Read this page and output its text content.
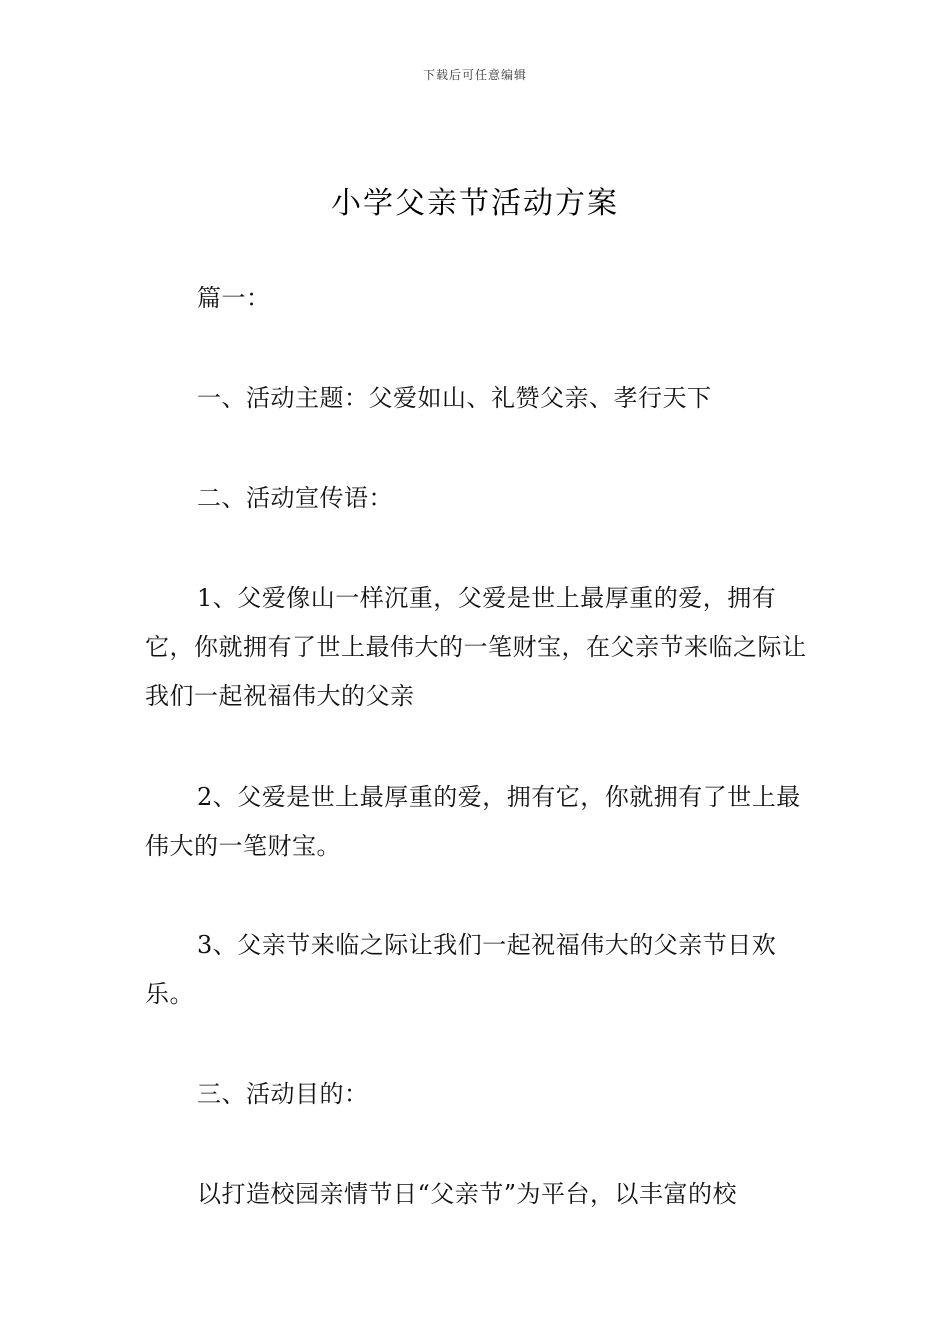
下载后可任意编辑
小学父亲节活动方案

篇一：

一、活动主题：父爱如山、礼赞父亲、孝行天下

二、活动宣传语：

1、父爱像山一样沉重，父爱是世上最厚重的爱，拥有它，你就拥有了世上最伟大的一笔财宝，在父亲节来临之际让我们一起祝福伟大的父亲

2、父爱是世上最厚重的爱，拥有它，你就拥有了世上最伟大的一笔财宝。

3、父亲节来临之际让我们一起祝福伟大的父亲节日欢乐。

三、活动目的：

以打造校园亲情节日“父亲节”为平台，以丰富的校
